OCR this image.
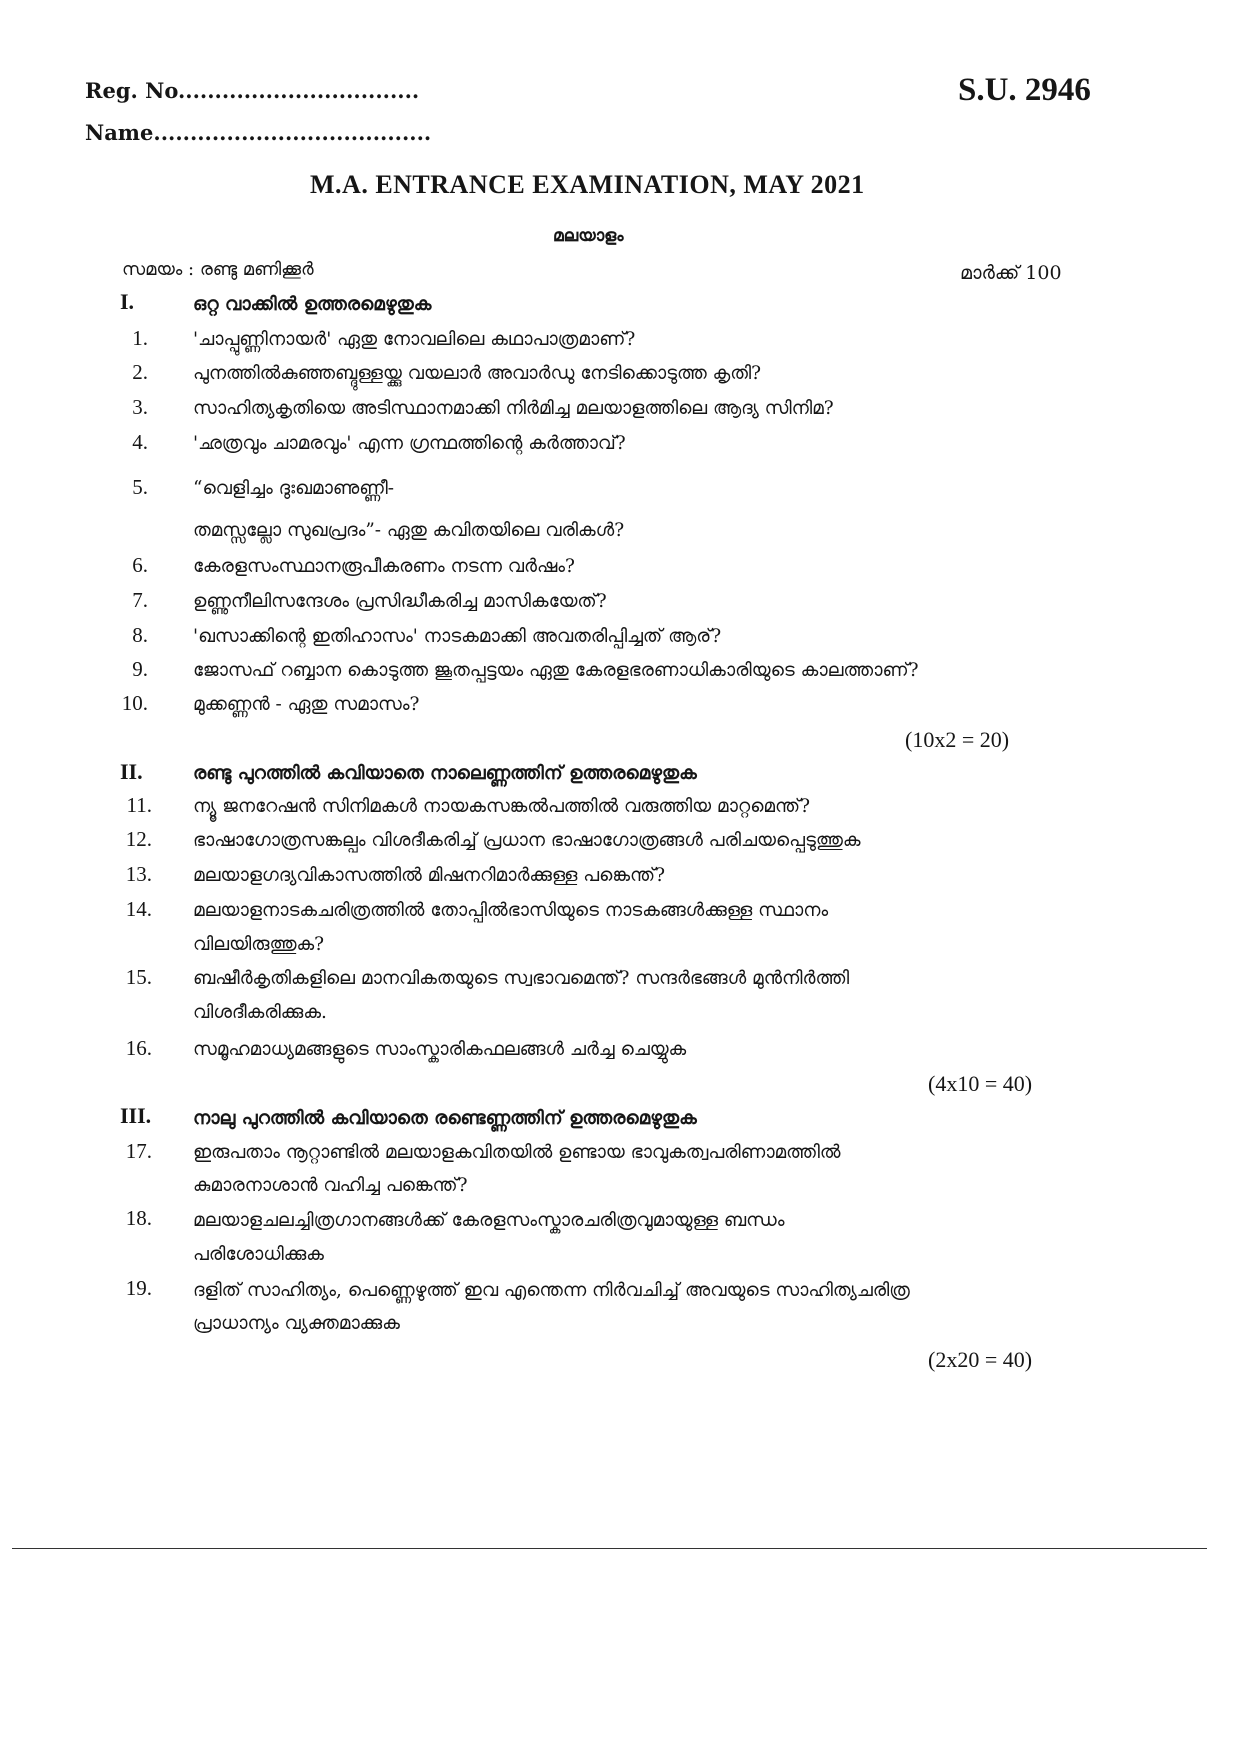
Reg. No.................................
Name......................................
S.U. 2946
M.A. ENTRANCE EXAMINATION, MAY 2021
മലയാളം
സമയം : രണ്ടു മണിക്കൂർ	മാർക്ക് 100
I.	ഒറ്റ വാക്കിൽ ഉത്തരമെഴുതുക
1. 'ചാപ്പുണ്ണിനായർ' ഏതു നോവലിലെ കഥാപാത്രമാണ്?
2. പുനത്തിൽകുഞ്ഞബ്ദുള്ളയ്ക്കു വയലാർ അവാർഡു നേടിക്കൊടുത്ത കൃതി?
3. സാഹിത്യകൃതിയെ അടിസ്ഥാനമാക്കി നിർമിച്ച മലയാളത്തിലെ ആദ്യ സിനിമ?
4. 'ഛത്രവും ചാമരവും' എന്ന ഗ്രന്ഥത്തിന്റെ കർത്താവ്?
5. “വെളിച്ചം ദുഃഖമാണുണ്ണീ-
തമസ്സല്ലോ സുഖപ്രദം”- ഏതു കവിതയിലെ വരികൾ?
6. കേരളസംസ്ഥാനരൂപീകരണം നടന്ന വർഷം?
7. ഉണ്ണുനീലിസന്ദേശം പ്രസിദ്ധീകരിച്ച മാസികയേത്?
8. 'ഖസാക്കിന്റെ ഇതിഹാസം' നാടകമാക്കി അവതരിപ്പിച്ചത് ആര്?
9. ജോസഫ് റബ്ബാന കൊടുത്ത ജൂതപ്പട്ടയം ഏതു കേരളഭരണാധികാരിയുടെ കാലത്താണ്?
10. മുക്കണ്ണൻ - ഏതു സമാസം?
(10x2 = 20)
II.	രണ്ടു പുറത്തിൽ കവിയാതെ നാലെണ്ണത്തിന് ഉത്തരമെഴുതുക
11. ന്യൂ ജനറേഷൻ സിനിമകൾ നായകസങ്കൽപത്തിൽ വരുത്തിയ മാറ്റമെന്ത്?
12. ഭാഷാഗോത്രസങ്കല്പം വിശദീകരിച്ച് പ്രധാന ഭാഷാഗോത്രങ്ങൾ പരിചയപ്പെടുത്തുക
13. മലയാളഗദ്യവികാസത്തിൽ മിഷനറിമാർക്കുള്ള പങ്കെന്ത്?
14. മലയാളനാടകചരിത്രത്തിൽ തോപ്പിൽഭാസിയുടെ നാടകങ്ങൾക്കുള്ള സ്ഥാനം
വിലയിരുത്തുക?
15. ബഷീർകൃതികളിലെ മാനവികതയുടെ സ്വഭാവമെന്ത്? സന്ദർഭങ്ങൾ മുൻനിർത്തി
വിശദീകരിക്കുക.
16. സമൂഹമാധ്യമങ്ങളുടെ സാംസ്കാരികഫലങ്ങൾ ചർച്ച ചെയ്യുക
(4x10 = 40)
III. നാലു പുറത്തിൽ കവിയാതെ രണ്ടെണ്ണത്തിന് ഉത്തരമെഴുതുക
17. ഇരുപതാം നൂറ്റാണ്ടിൽ മലയാളകവിതയിൽ ഉണ്ടായ ഭാവുകത്വപരിണാമത്തിൽ
കുമാരനാശാൻ വഹിച്ച പങ്കെന്ത്?
18. മലയാളചലച്ചിത്രഗാനങ്ങൾക്ക് കേരളസംസ്കാരചരിത്രവുമായുള്ള ബന്ധം
പരിശോധിക്കുക
19. ദളിത് സാഹിത്യം, പെണ്ണെഴുത്ത് ഇവ എന്തെന്ന നിർവചിച്ച് അവയുടെ സാഹിത്യചരിത്ര
പ്രാധാന്യം വ്യക്തമാക്കുക
(2x20 = 40)
